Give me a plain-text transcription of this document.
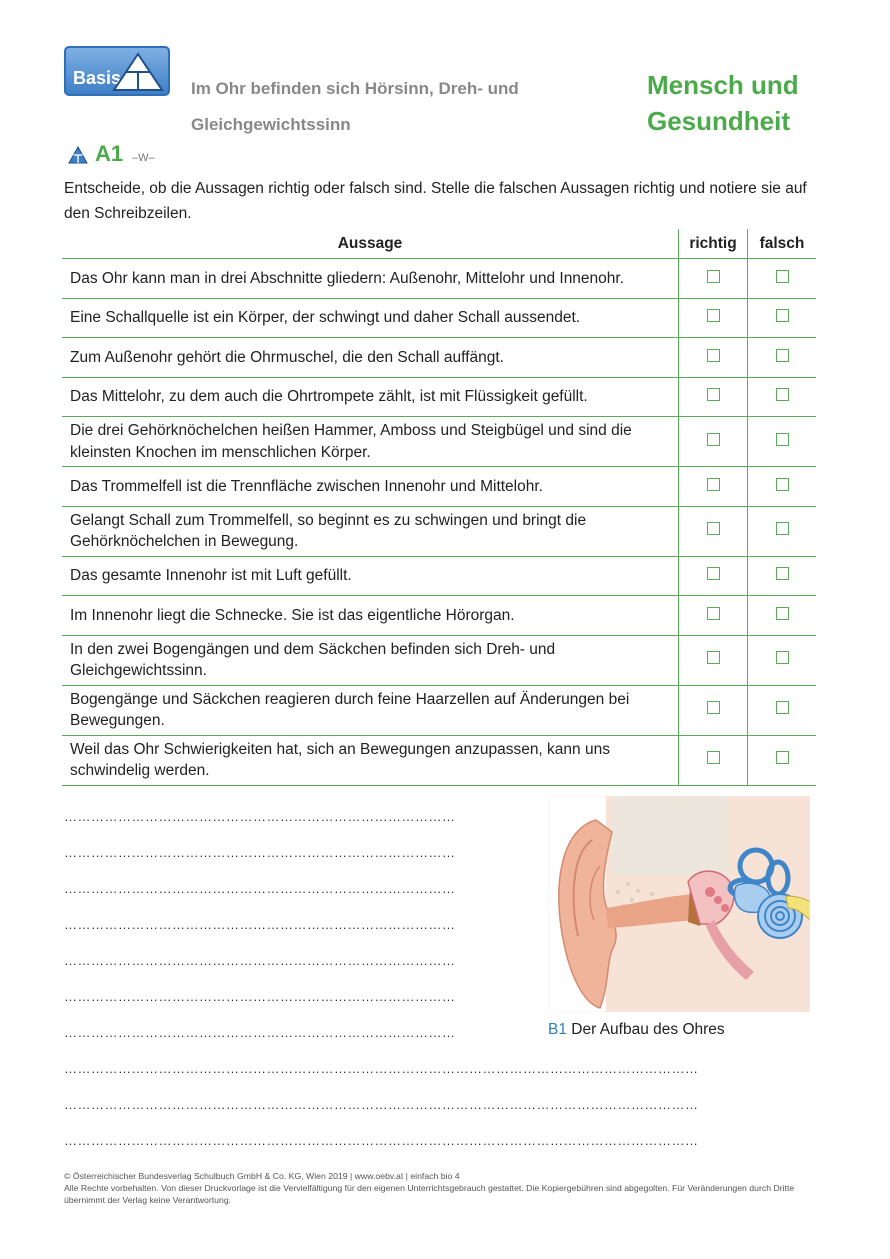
Basis
Im Ohr befinden sich Hörsinn, Dreh- und
Gleichgewichtssinn
Mensch und
Gesundheit
A1 –W–
Entscheide, ob die Aussagen richtig oder falsch sind. Stelle die falschen Aussagen richtig und notiere sie auf den Schreibzeilen.
Aussage	richtig	falsch
Das Ohr kann man in drei Abschnitte gliedern: Außenohr, Mittelohr und Innenohr.		
Eine Schallquelle ist ein Körper, der schwingt und daher Schall aussendet.		
Zum Außenohr gehört die Ohrmuschel, die den Schall auffängt.		
Das Mittelohr, zu dem auch die Ohrtrompete zählt, ist mit Flüssigkeit gefüllt.		
Die drei Gehörknöchelchen heißen Hammer, Amboss und Steigbügel und sind die kleinsten Knochen im menschlichen Körper.		
Das Trommelfell ist die Trennfläche zwischen Innenohr und Mittelohr.		
Gelangt Schall zum Trommelfell, so beginnt es zu schwingen und bringt die Gehörknöchelchen in Bewegung.		
Das gesamte Innenohr ist mit Luft gefüllt.		
Im Innenohr liegt die Schnecke. Sie ist das eigentliche Hörorgan.		
In den zwei Bogengängen und dem Säckchen befinden sich Dreh- und Gleichgewichtssinn.		
Bogengänge und Säckchen reagieren durch feine Haarzellen auf Änderungen bei Bewegungen.		
Weil das Ohr Schwierigkeiten hat, sich an Bewegungen anzupassen, kann uns schwindelig werden.		
……………………………………………………………………………
……………………………………………………………………………
……………………………………………………………………………
……………………………………………………………………………
……………………………………………………………………………
……………………………………………………………………………
……………………………………………………………………………
……………………………………………………………………………………………………………………………
……………………………………………………………………………………………………………………………
……………………………………………………………………………………………………………………………
B1 Der Aufbau des Ohres
© Österreichischer Bundesverlag Schulbuch GmbH & Co. KG, Wien 2019 | www.oebv.at | einfach bio 4
Alle Rechte vorbehalten. Von dieser Druckvorlage ist die Vervielfältigung für den eigenen Unterrichtsgebrauch gestattet. Die Kopiergebühren sind abgegolten. Für Veränderungen durch Dritte übernimmt der Verlag keine Verantwortung.
